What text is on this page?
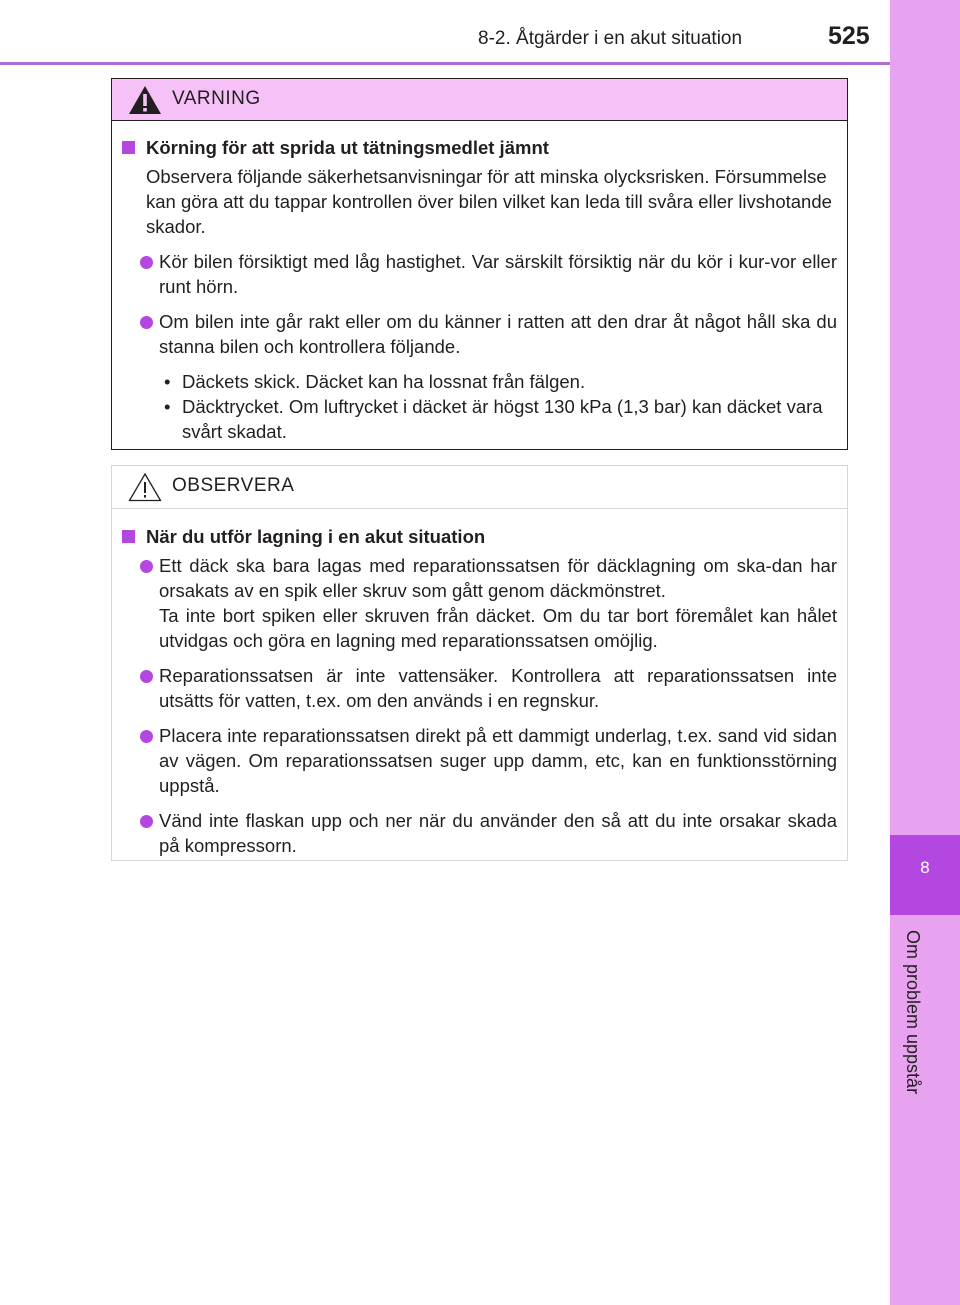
8-2. Åtgärder i en akut situation	525
8
Om problem uppstår
VARNING
Körning för att sprida ut tätningsmedlet jämnt
Observera följande säkerhetsanvisningar för att minska olycksrisken. Försummelse kan göra att du tappar kontrollen över bilen vilket kan leda till svåra eller livshotande skador.
Kör bilen försiktigt med låg hastighet. Var särskilt försiktig när du kör i kur-vor eller runt hörn.
Om bilen inte går rakt eller om du känner i ratten att den drar åt något håll ska du stanna bilen och kontrollera följande.
• Däckets skick. Däcket kan ha lossnat från fälgen.
• Däcktrycket. Om luftrycket i däcket är högst 130 kPa (1,3 bar) kan däcket vara svårt skadat.
OBSERVERA
När du utför lagning i en akut situation
Ett däck ska bara lagas med reparationssatsen för däcklagning om ska-dan har orsakats av en spik eller skruv som gått genom däckmönstret.
Ta inte bort spiken eller skruven från däcket. Om du tar bort föremålet kan hålet utvidgas och göra en lagning med reparationssatsen omöjlig.
Reparationssatsen är inte vattensäker. Kontrollera att reparationssatsen inte utsätts för vatten, t.ex. om den används i en regnskur.
Placera inte reparationssatsen direkt på ett dammigt underlag, t.ex. sand vid sidan av vägen. Om reparationssatsen suger upp damm, etc, kan en funktionsstörning uppstå.
Vänd inte flaskan upp och ner när du använder den så att du inte orsakar skada på kompressorn.
